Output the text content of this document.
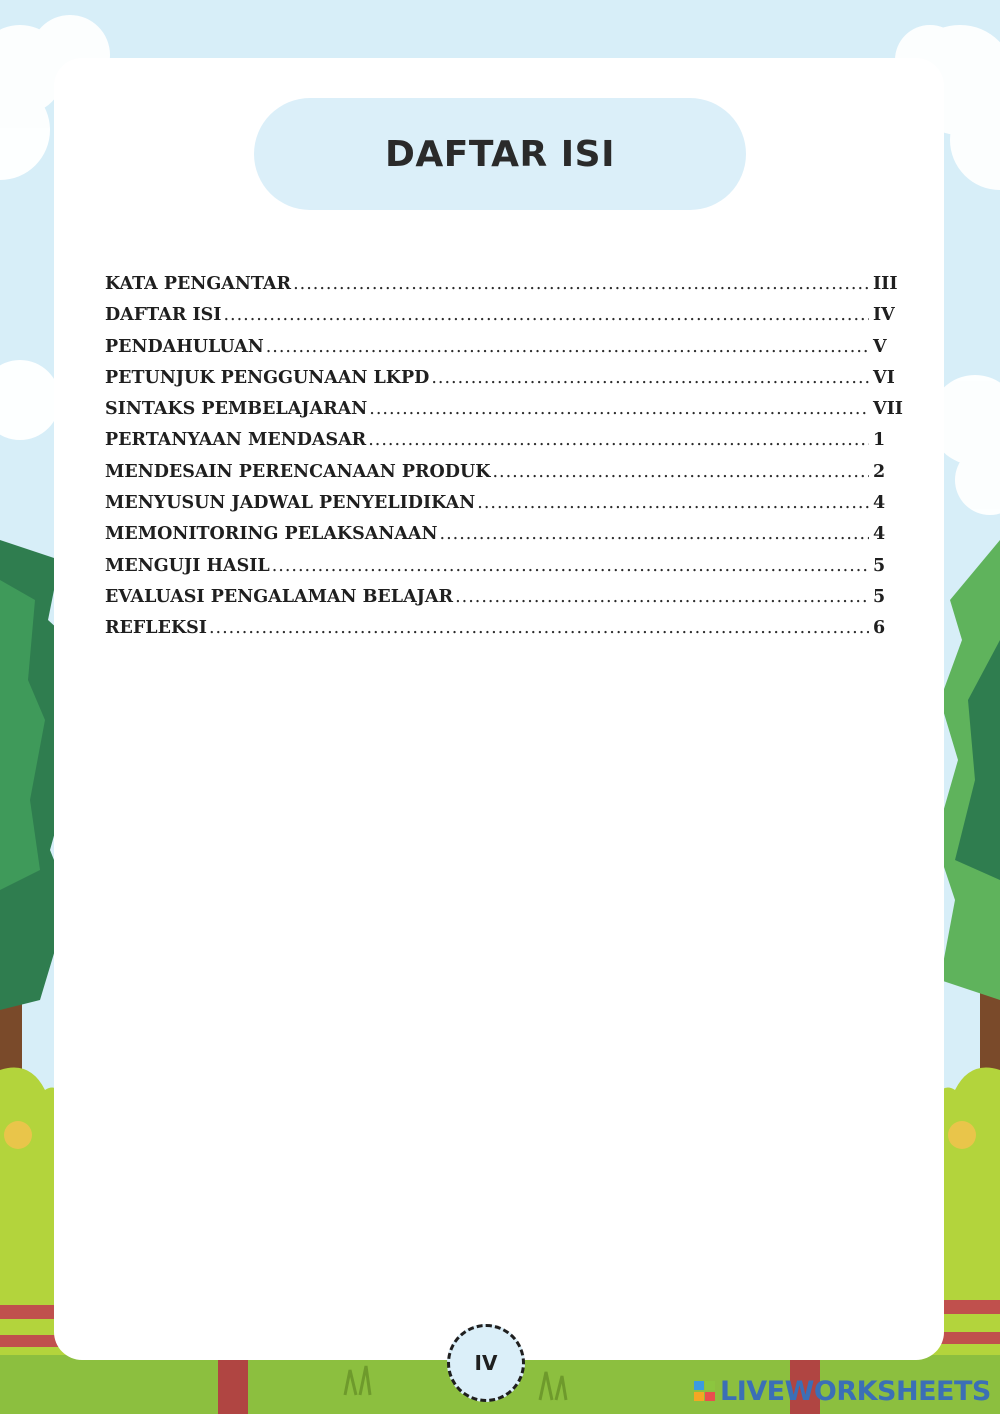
DAFTAR ISI
KATA PENGANTAR .....	III
DAFTAR ISI .....	IV
PENDAHULUAN .....	V
PETUNJUK PENGGUNAAN LKPD .....	VI
SINTAKS PEMBELAJARAN .....	VII
PERTANYAAN MENDASAR .....	1
MENDESAIN PERENCANAAN PRODUK .....	2
MENYUSUN JADWAL PENYELIDIKAN .....	4
MEMONITORING PELAKSANAAN .....	4
MENGUJI HASIL .....	5
EVALUASI PENGALAMAN BELAJAR .....	5
REFLEKSI .....	6
IV
LIVEWORKSHEETS
